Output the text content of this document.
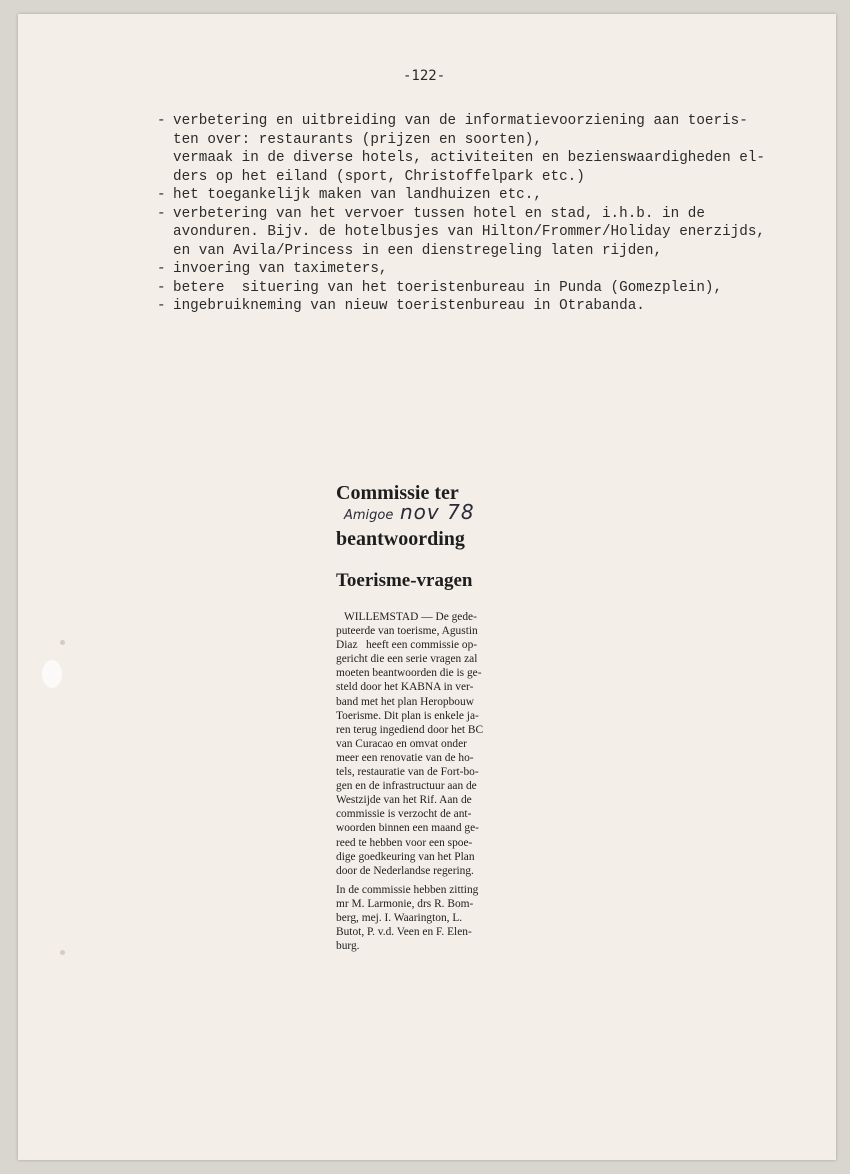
-122-
- verbetering en uitbreiding van de informatievoorziening aan toeris-
ten over: restaurants (prijzen en soorten),
vermaak in de diverse hotels, activiteiten en bezienswaardigheden el-
ders op het eiland (sport, Christoffelpark etc.)
- het toegankelijk maken van landhuizen etc.,
- verbetering van het vervoer tussen hotel en stad, i.h.b. in de
avonduren. Bijv. de hotelbusjes van Hilton/Frommer/Holiday enerzijds,
en van Avila/Princess in een dienstregeling laten rijden,
- invoering van taximeters,
- betere  situering van het toeristenbureau in Punda (Gomezplein),
- ingebruikneming van nieuw toeristenbureau in Otrabanda.
Commissie ter
Amigoe nov 78
beantwoording
Toerisme-vragen

WILLEMSTAD — De gede-
puteerde van toerisme, Agustin
Diaz   heeft een commissie op-
gericht die een serie vragen zal
moeten beantwoorden die is ge-
steld door het KABNA in ver-
band met het plan Heropbouw
Toerisme. Dit plan is enkele ja-
ren terug ingediend door het BC
van Curacao en omvat onder
meer een renovatie van de ho-
tels, restauratie van de Fort-bo-
gen en de infrastructuur aan de
Westzijde van het Rif. Aan de
commissie is verzocht de ant-
woorden binnen een maand ge-
reed te hebben voor een spoe-
dige goedkeuring van het Plan
door de Nederlandse regering.

In de commissie hebben zitting
mr M. Larmonie, drs R. Bom-
berg, mej. I. Waarington, L.
Butot, P. v.d. Veen en F. Elen-
burg.
